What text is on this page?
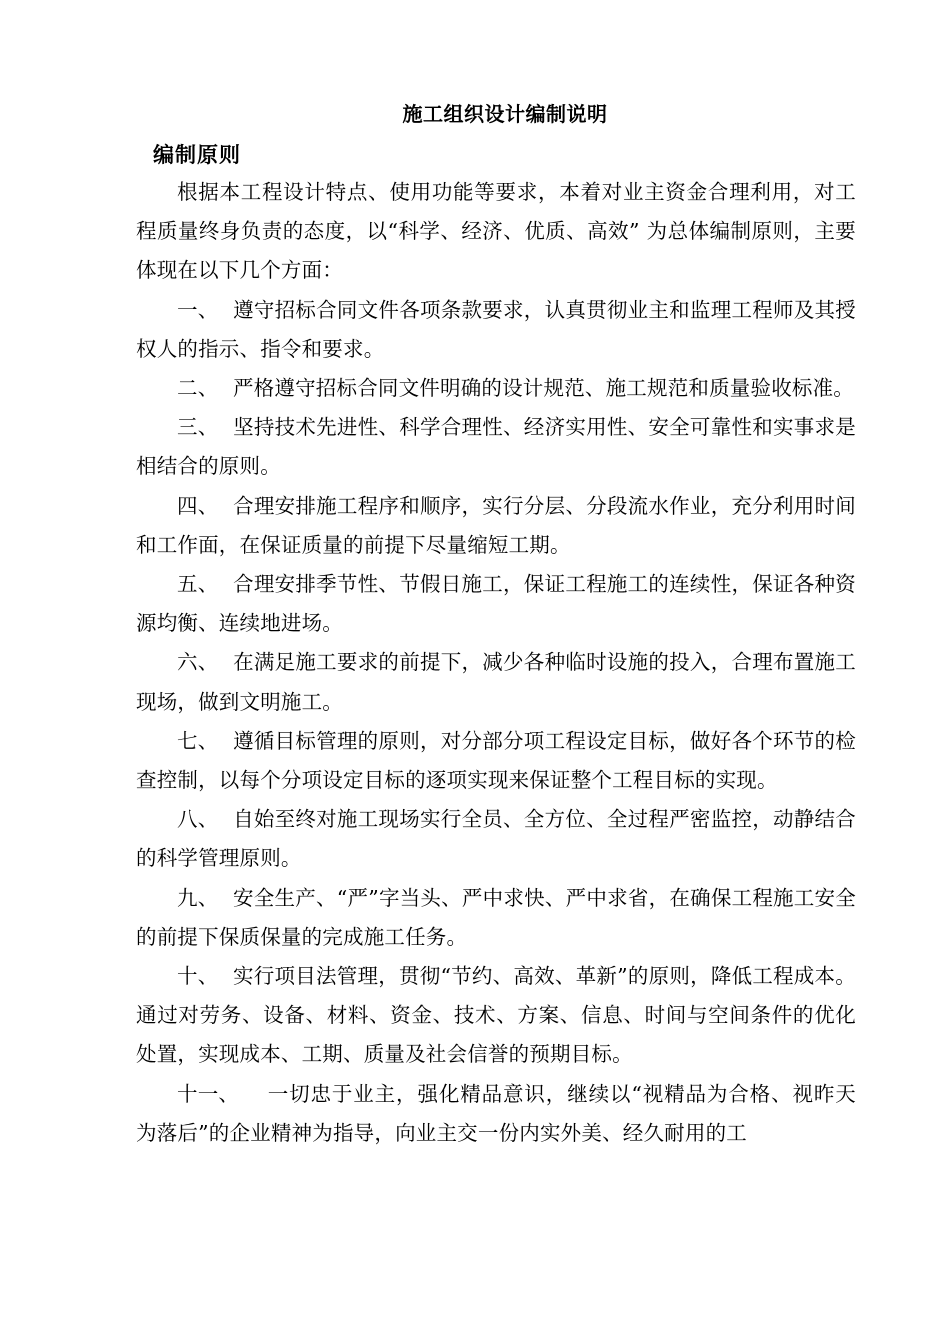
施工组织设计编制说明
编制原则

根据本工程设计特点、使用功能等要求，本着对业主资金合理利用，对工程质量终身负责的态度，以“科学、经济、优质、高效” 为总体编制原则，主要体现在以下几个方面：

一、 遵守招标合同文件各项条款要求，认真贯彻业主和监理工程师及其授权人的指示、指令和要求。

二、 严格遵守招标合同文件明确的设计规范、施工规范和质量验收标准。

三、 坚持技术先进性、科学合理性、经济实用性、安全可靠性和实事求是相结合的原则。

四、 合理安排施工程序和顺序，实行分层、分段流水作业，充分利用时间和工作面，在保证质量的前提下尽量缩短工期。

五、 合理安排季节性、节假日施工，保证工程施工的连续性，保证各种资源均衡、连续地进场。

六、 在满足施工要求的前提下，减少各种临时设施的投入，合理布置施工现场，做到文明施工。

七、 遵循目标管理的原则，对分部分项工程设定目标，做好各个环节的检查控制，以每个分项设定目标的逐项实现来保证整个工程目标的实现。

八、 自始至终对施工现场实行全员、全方位、全过程严密监控，动静结合的科学管理原则。

九、 安全生产、“严”字当头、严中求快、严中求省，在确保工程施工安全的前提下保质保量的完成施工任务。

十、 实行项目法管理，贯彻“节约、高效、革新”的原则，降低工程成本。通过对劳务、设备、材料、资金、技术、方案、信息、时间与空间条件的优化处置，实现成本、工期、质量及社会信誉的预期目标。

十一、 一切忠于业主，强化精品意识，继续以“视精品为合格、视昨天为落后”的企业精神为指导，向业主交一份内实外美、经久耐用的工
